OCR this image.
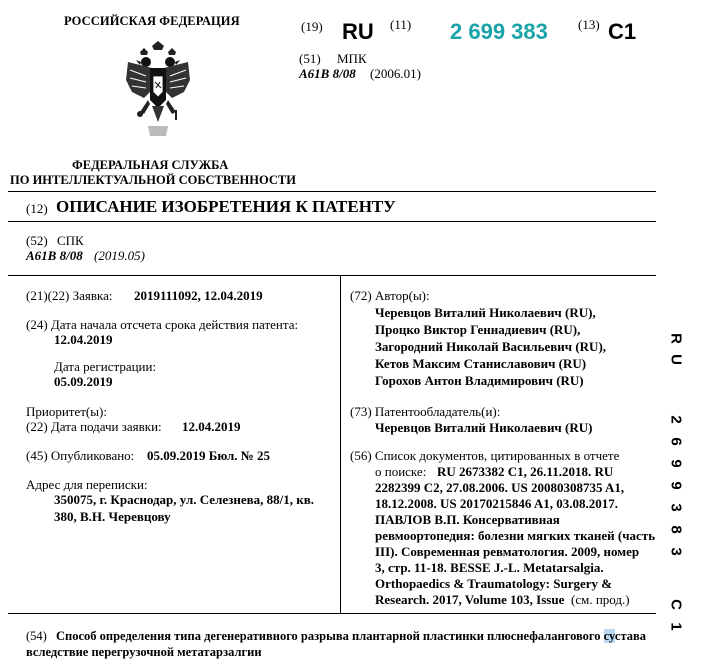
РОССИЙСКАЯ ФЕДЕРАЦИЯ
ФЕДЕРАЛЬНАЯ СЛУЖБА
ПО ИНТЕЛЛЕКТУАЛЬНОЙ СОБСТВЕННОСТИ
(19) RU (11) 2 699 383 (13) C1
(51) МПК
A61B 8/08 (2006.01)
(12) ОПИСАНИЕ ИЗОБРЕТЕНИЯ К ПАТЕНТУ
(52) СПК
A61B 8/08 (2019.05)
(21)(22) Заявка: 2019111092, 12.04.2019
(24) Дата начала отсчета срока действия патента:
12.04.2019
Дата регистрации:
05.09.2019
Приоритет(ы):
(22) Дата подачи заявки: 12.04.2019
(45) Опубликовано: 05.09.2019 Бюл. № 25
Адрес для переписки:
350075, г. Краснодар, ул. Селезнева, 88/1, кв.
380, В.Н. Черевцову
(72) Автор(ы):
Черевцов Виталий Николаевич (RU),
Процко Виктор Геннадиевич (RU),
Загородний Николай Васильевич (RU),
Кетов Максим Станиславович (RU)
Горохов Антон Владимирович (RU)
(73) Патентообладатель(и):
Черевцов Виталий Николаевич (RU)
(56) Список документов, цитированных в отчете
о поиске: RU 2673382 C1, 26.11.2018. RU
2282399 C2, 27.08.2006. US 20080308735 A1,
18.12.2008. US 20170215846 A1, 03.08.2017.
ПАВЛОВ В.П. Консервативная
ревмоортопедия: болезни мягких тканей (часть
III). Современная ревматология. 2009, номер
3, стр. 11-18. BESSE J.-L. Metatarsalgia.
Orthopaedics & Traumatology: Surgery &
Research. 2017, Volume 103, Issue (см. прод.)
(54) Способ определения типа дегенеративного разрыва плантарной пластинки плюснефалангового сустава
вследствие перегрузочной метатарзалгии
R
U
2
6
9
9
3
8
3
C
1
